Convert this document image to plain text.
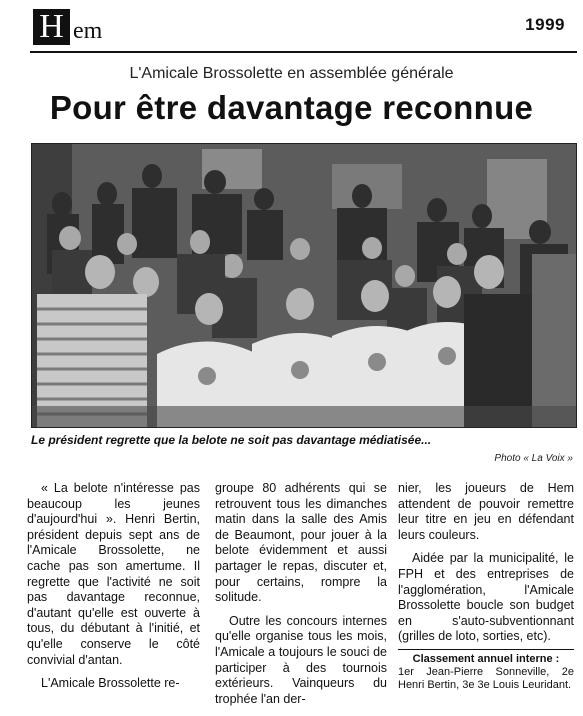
H em	1999
L'Amicale Brossolette en assemblée générale
Pour être davantage reconnue
Le président regrette que la belote ne soit pas davantage médiatisée...
Photo « La Voix »

« La belote n'intéresse pas beaucoup les jeunes d'aujourd'hui ». Henri Bertin, président depuis sept ans de l'Amicale Brossolette, ne cache pas son amertume. Il regrette que l'activité ne soit pas davantage reconnue, d'autant qu'elle est ouverte à tous, du débutant à l'initié, et qu'elle conserve le côté convivial d'antan.

L'Amicale Brossolette re-

groupe 80 adhérents qui se retrouvent tous les dimanches matin dans la salle des Amis de Beaumont, pour jouer à la belote évidemment et aussi partager le repas, discuter et, pour certains, rompre la solitude.

Outre les concours internes qu'elle organise tous les mois, l'Amicale a toujours le souci de participer à des tournois extérieurs. Vainqueurs du trophée l'an der-

nier, les joueurs de Hem attendent de pouvoir remettre leur titre en jeu en défendant leurs couleurs.

Aidée par la municipalité, le FPH et des entreprises de l'agglomération, l'Amicale Brossolette boucle son budget en s'auto-subventionnant (grilles de loto, sorties, etc).

Classement annuel interne :
1er Jean-Pierre Sonneville, 2e Henri Bertin, 3e 3e Louis Leuridant.
